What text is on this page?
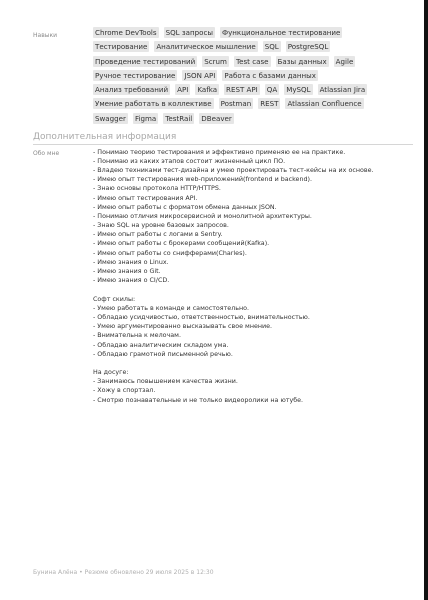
Навыки	Chrome DevTools SQL запросы Функциональное тестирование
Тестирование Аналитическое мышление SQL PostgreSQL
Проведение тестирований Scrum Test case Базы данных Agile
Ручное тестирование JSON API Работа с базами данных
Анализ требований API Kafka REST API QA MySQL Atlassian Jira
Умение работать в коллективе Postman REST Atlassian Confluence
Swagger Figma TestRail DBeaver
Дополнительная информация
Обо мне	- Понимаю теорию тестирования и эффективно применяю ее на практике.
- Понимаю из каких этапов состоит жизненный цикл ПО.
- Владею техниками тест-дизайна и умею проектировать тест-кейсы на их основе.
- Имею опыт тестирования web-приложений(frontend и backend).
- Знаю основы протокола HTTP/HTTPS.
- Имею опыт тестирования API.
- Имею опыт работы с форматом обмена данных JSON.
- Понимаю отличия микросервисной и монолитной архитектуры.
- Знаю SQL на уровне базовых запросов.
- Имею опыт работы с логами в Sentry.
- Имею опыт работы с брокерами сообщений(Kafka).
- Имею опыт работы со снифферами(Charles).
- Имею знания о Linux.
- Имею знания о Git.
- Имею знания о CI/CD.
Софт скилы:
- Умею работать в команде и самостоятельно.
- Обладаю усидчивостью, ответственностью, внимательностью.
- Умею аргументированно высказывать свое мнение.
- Внимательна к мелочам.
- Обладаю аналитическим складом ума.
- Обладаю грамотной письменной речью.
На досуге:
- Занимаюсь повышением качества жизни.
- Хожу в спортзал.
- Смотрю познавательные и не только видеоролики на ютубе.
Бунина Алёна • Резюме обновлено 29 июля 2025 в 12:30
